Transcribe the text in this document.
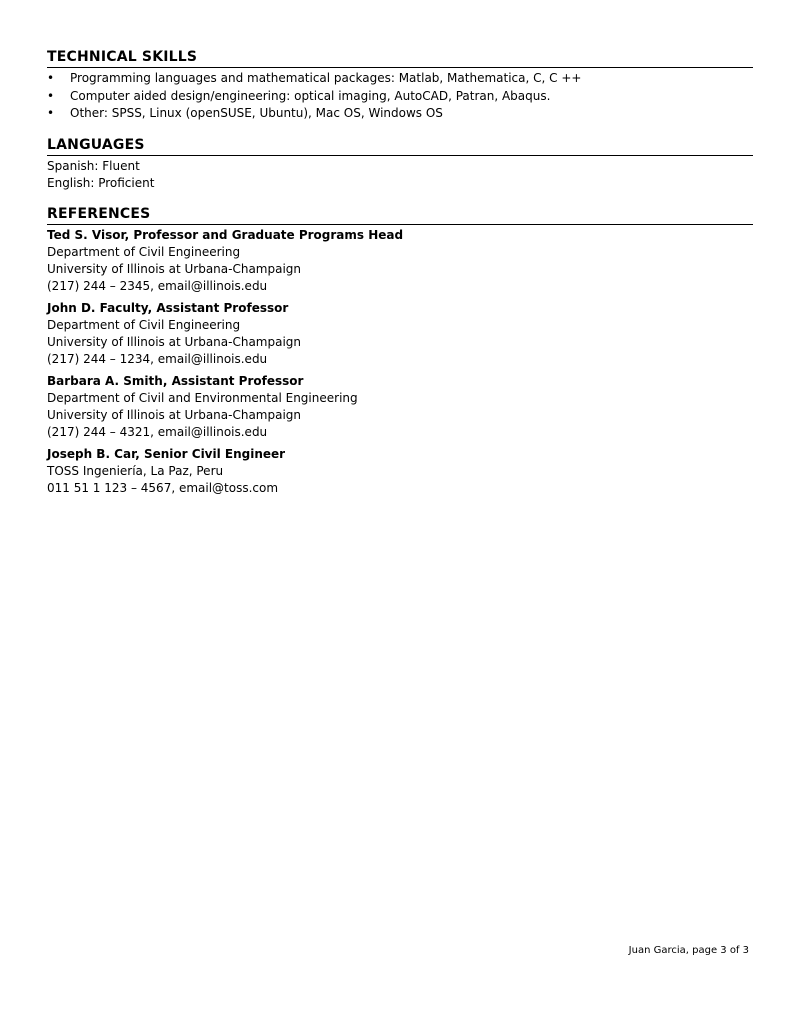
TECHNICAL SKILLS
• Programming languages and mathematical packages: Matlab, Mathematica, C, C ++
• Computer aided design/engineering: optical imaging, AutoCAD, Patran, Abaqus.
• Other: SPSS, Linux (openSUSE, Ubuntu), Mac OS, Windows OS
LANGUAGES
Spanish: Fluent
English: Proficient
REFERENCES
Ted S. Visor, Professor and Graduate Programs Head
Department of Civil Engineering
University of Illinois at Urbana-Champaign
(217) 244 – 2345, email@illinois.edu
John D. Faculty, Assistant Professor
Department of Civil Engineering
University of Illinois at Urbana-Champaign
(217) 244 – 1234, email@illinois.edu
Barbara A. Smith, Assistant Professor
Department of Civil and Environmental Engineering
University of Illinois at Urbana-Champaign
(217) 244 – 4321, email@illinois.edu
Joseph B. Car, Senior Civil Engineer
TOSS Ingeniería, La Paz, Peru
011 51 1 123 – 4567, email@toss.com
Juan Garcia, page 3 of 3
